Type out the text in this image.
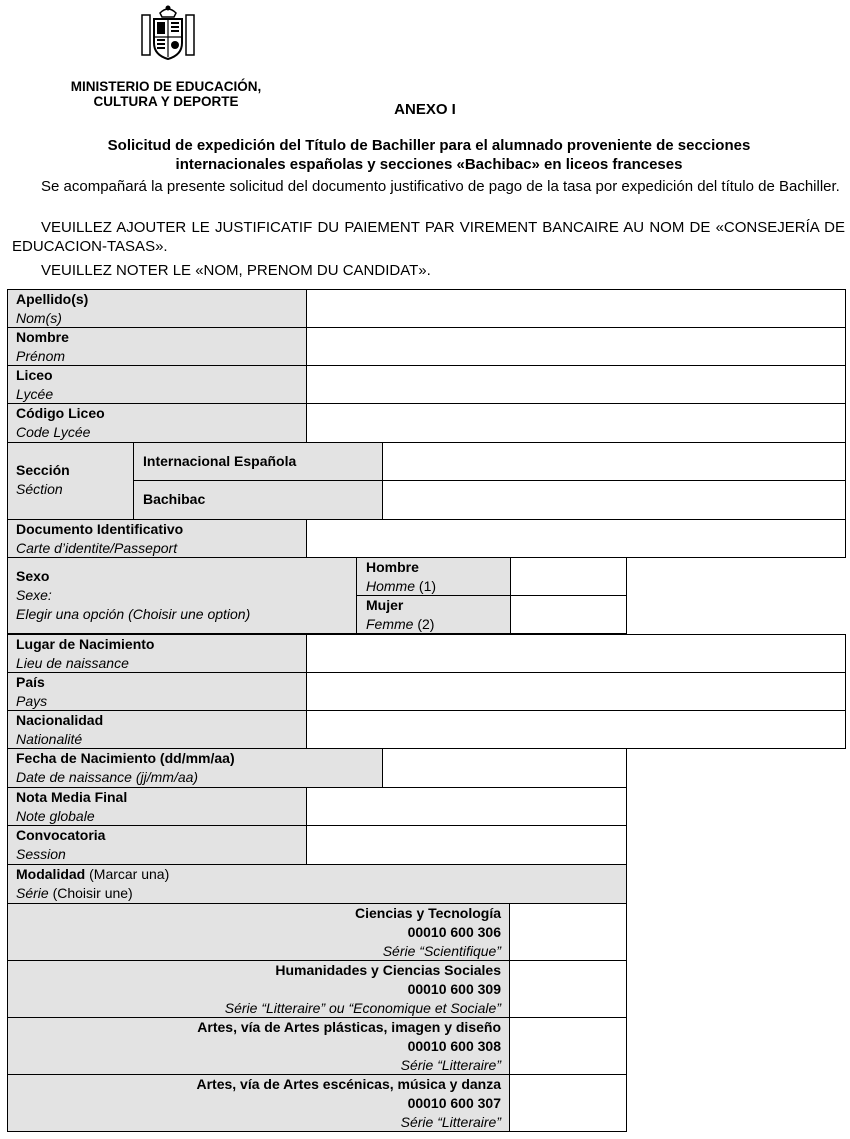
MINISTERIO DE EDUCACIÓN,
CULTURA Y DEPORTE	ANEXO I
Solicitud de expedición del Título de Bachiller para el alumnado proveniente de secciones
internacionales españolas y secciones «Bachibac» en liceos franceses
Se acompañará la presente solicitud del documento justificativo de pago de la tasa por expedición del título de Bachiller.
VEUILLEZ AJOUTER LE JUSTIFICATIF DU PAIEMENT PAR VIREMENT BANCAIRE AU NOM DE «CONSEJERÍA DE EDUCACION-TASAS».
VEUILLEZ NOTER LE «NOM, PRENOM DU CANDIDAT».
Apellido(s)
Nom(s)
Nombre
Prénom
Liceo
Lycée
Código Liceo
Code Lycée
Sección
Séction
Internacional Española
Bachibac
Documento Identificativo
Carte d’identite/Passeport
Sexo
Sexe:
Elegir una opción (Choisir une option)
Hombre
Homme (1)
Mujer
Femme (2)
Lugar de Nacimiento
Lieu de naissance
País
Pays
Nacionalidad
Nationalité
Fecha de Nacimiento (dd/mm/aa)
Date de naissance (jj/mm/aa)
Nota Media Final
Note globale
Convocatoria
Session
Modalidad (Marcar una)
Série (Choisir une)
Ciencias y Tecnología
00010 600 306
Série “Scientifique”
Humanidades y Ciencias Sociales
00010 600 309
Série “Litteraire” ou “Economique et Sociale”
Artes, vía de Artes plásticas, imagen y diseño
00010 600 308
Série “Litteraire”
Artes, vía de Artes escénicas, música y danza
00010 600 307
Série “Litteraire”
